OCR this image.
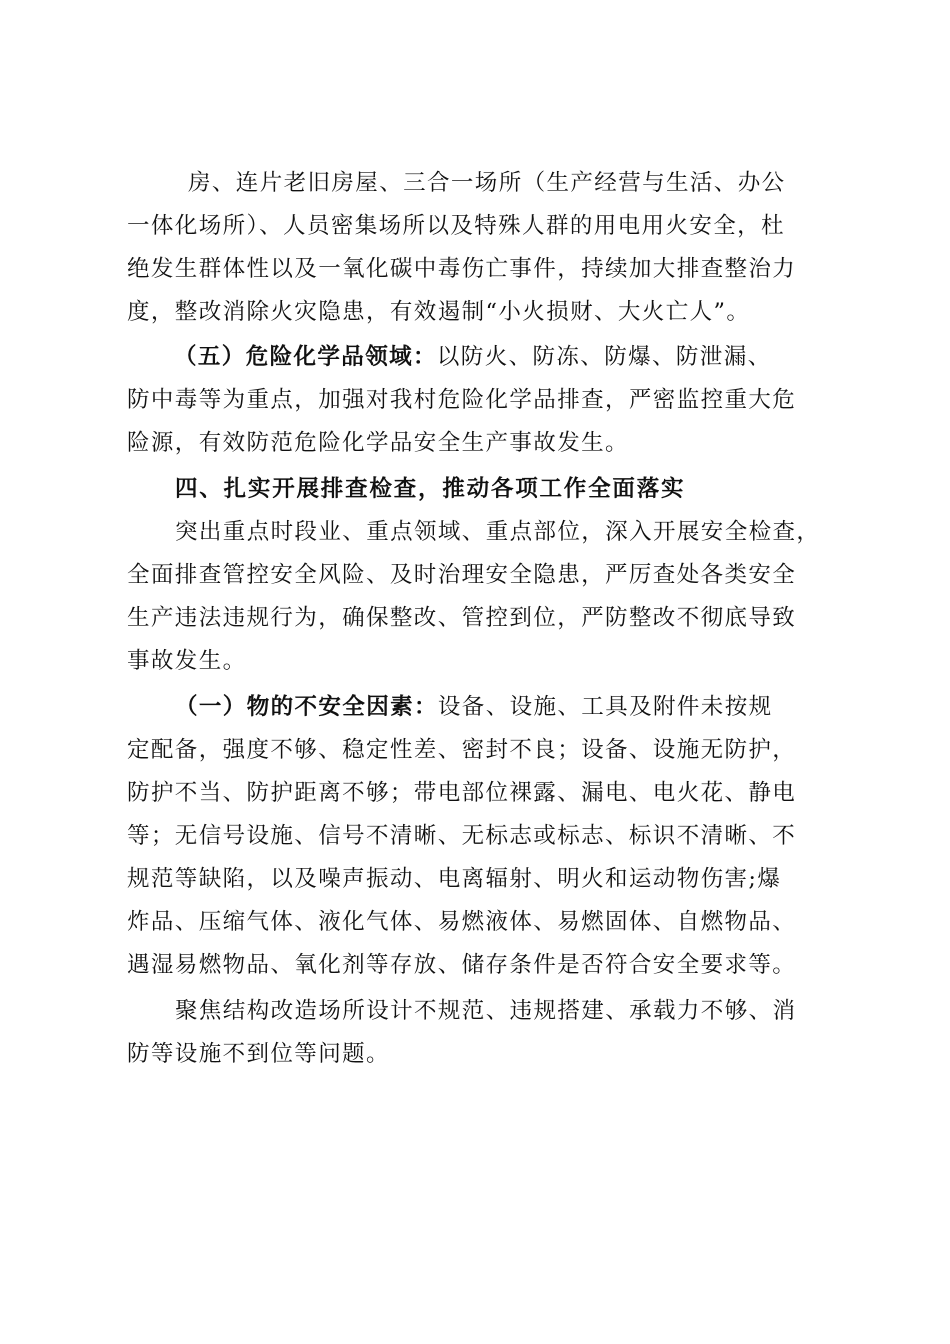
房、连片老旧房屋、三合一场所（生产经营与生活、办公
一体化场所）、人员密集场所以及特殊人群的用电用火安全，杜
绝发生群体性以及一氧化碳中毒伤亡事件，持续加大排查整治力
度，整改消除火灾隐患，有效遏制“小火损财、大火亡人”。
（五）危险化学品领域：以防火、防冻、防爆、防泄漏、
防中毒等为重点，加强对我村危险化学品排查，严密监控重大危
险源，有效防范危险化学品安全生产事故发生。
四、扎实开展排查检查，推动各项工作全面落实
突出重点时段业、重点领域、重点部位，深入开展安全检查，
全面排查管控安全风险、及时治理安全隐患，严厉查处各类安全
生产违法违规行为，确保整改、管控到位，严防整改不彻底导致
事故发生。
（一）物的不安全因素：设备、设施、工具及附件未按规
定配备，强度不够、稳定性差、密封不良；设备、设施无防护，
防护不当、防护距离不够；带电部位裸露、漏电、电火花、静电
等；无信号设施、信号不清晰、无标志或标志、标识不清晰、不
规范等缺陷，以及噪声振动、电离辐射、明火和运动物伤害;爆
炸品、压缩气体、液化气体、易燃液体、易燃固体、自燃物品、
遇湿易燃物品、氧化剂等存放、储存条件是否符合安全要求等。
聚焦结构改造场所设计不规范、违规搭建、承载力不够、消
防等设施不到位等问题。
